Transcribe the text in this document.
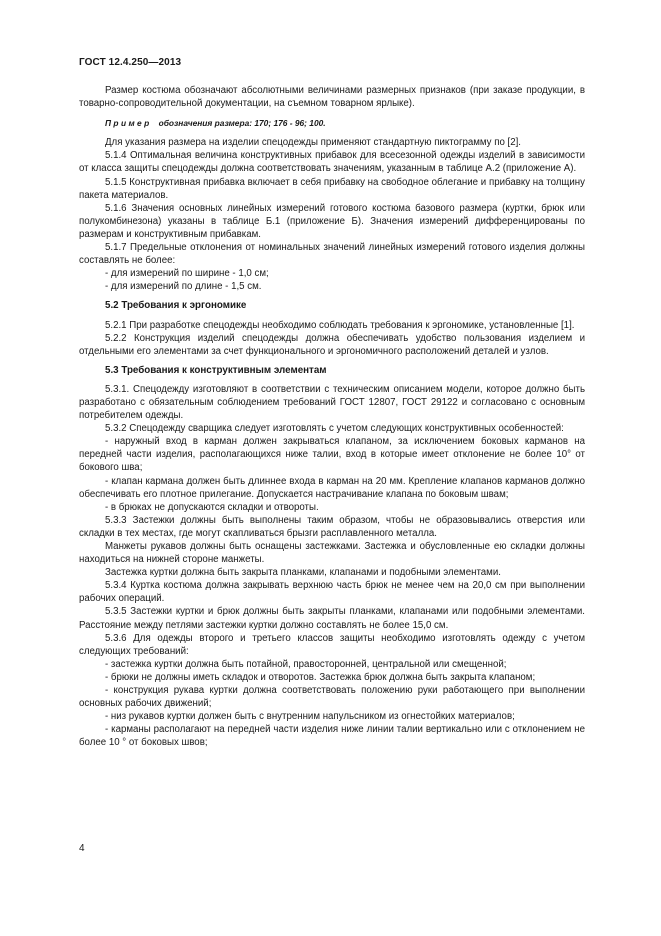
ГОСТ 12.4.250—2013

Размер костюма обозначают абсолютными величинами размерных признаков (при заказе продукции, в товарно-сопроводительной документации, на съемном товарном ярлыке).

Пример обозначения размера: 170; 176 - 96; 100.

Для указания размера на изделии спецодежды применяют стандартную пиктограмму по [2].

5.1.4 Оптимальная величина конструктивных прибавок для всесезонной одежды изделий в зависимости от класса защиты спецодежды должна соответствовать значениям, указанным в таблице А.2 (приложение А).

5.1.5 Конструктивная прибавка включает в себя прибавку на свободное облегание и прибавку на толщину пакета материалов.

5.1.6 Значения основных линейных измерений готового костюма базового размера (куртки, брюк или полукомбинезона) указаны в таблице Б.1 (приложение Б). Значения измерений дифференцированы по размерам и конструктивным прибавкам.

5.1.7 Предельные отклонения от номинальных значений линейных измерений готового изделия должны составлять не более:

- для измерений по ширине - 1,0 см;

- для измерений по длине - 1,5 см.

5.2 Требования к эргономике

5.2.1 При разработке спецодежды необходимо соблюдать требования к эргономике, установленные [1].

5.2.2 Конструкция изделий спецодежды должна обеспечивать удобство пользования изделием и отдельными его элементами за счет функционального и эргономичного расположений деталей и узлов.

5.3 Требования к конструктивным элементам

5.3.1. Спецодежду изготовляют в соответствии с техническим описанием модели, которое должно быть разработано с обязательным соблюдением требований ГОСТ 12807, ГОСТ 29122 и согласовано с основным потребителем одежды.

5.3.2 Спецодежду сварщика следует изготовлять с учетом следующих конструктивных особенностей:

- наружный вход в карман должен закрываться клапаном, за исключением боковых карманов на передней части изделия, располагающихся ниже талии, вход в которые имеет отклонение не более 10° от бокового шва;

- клапан кармана должен быть длиннее входа в карман на 20 мм. Крепление клапанов карманов должно обеспечивать его плотное прилегание. Допускается настрачивание клапана по боковым швам;

- в брюках не допускаются складки и отвороты.

5.3.3 Застежки должны быть выполнены таким образом, чтобы не образовывались отверстия или складки в тех местах, где могут скапливаться брызги расплавленного металла.

Манжеты рукавов должны быть оснащены застежками. Застежка и обусловленные ею складки должны находиться на нижней стороне манжеты.

Застежка куртки должна быть закрыта планками, клапанами и подобными элементами.

5.3.4 Куртка костюма должна закрывать верхнюю часть брюк не менее чем на 20,0 см при выполнении рабочих операций.

5.3.5 Застежки куртки и брюк должны быть закрыты планками, клапанами или подобными элементами. Расстояние между петлями застежки куртки должно составлять не более 15,0 см.

5.3.6 Для одежды второго и третьего классов защиты необходимо изготовлять одежду с учетом следующих требований:

- застежка куртки должна быть потайной, правосторонней, центральной или смещенной;

- брюки не должны иметь складок и отворотов. Застежка брюк должна быть закрыта клапаном;

- конструкция рукава куртки должна соответствовать положению руки работающего при выполнении основных рабочих движений;

- низ рукавов куртки должен быть с внутренним напульсником из огнестойких материалов;

- карманы располагают на передней части изделия ниже линии талии вертикально или с отклонением не более 10 ° от боковых швов;

4
